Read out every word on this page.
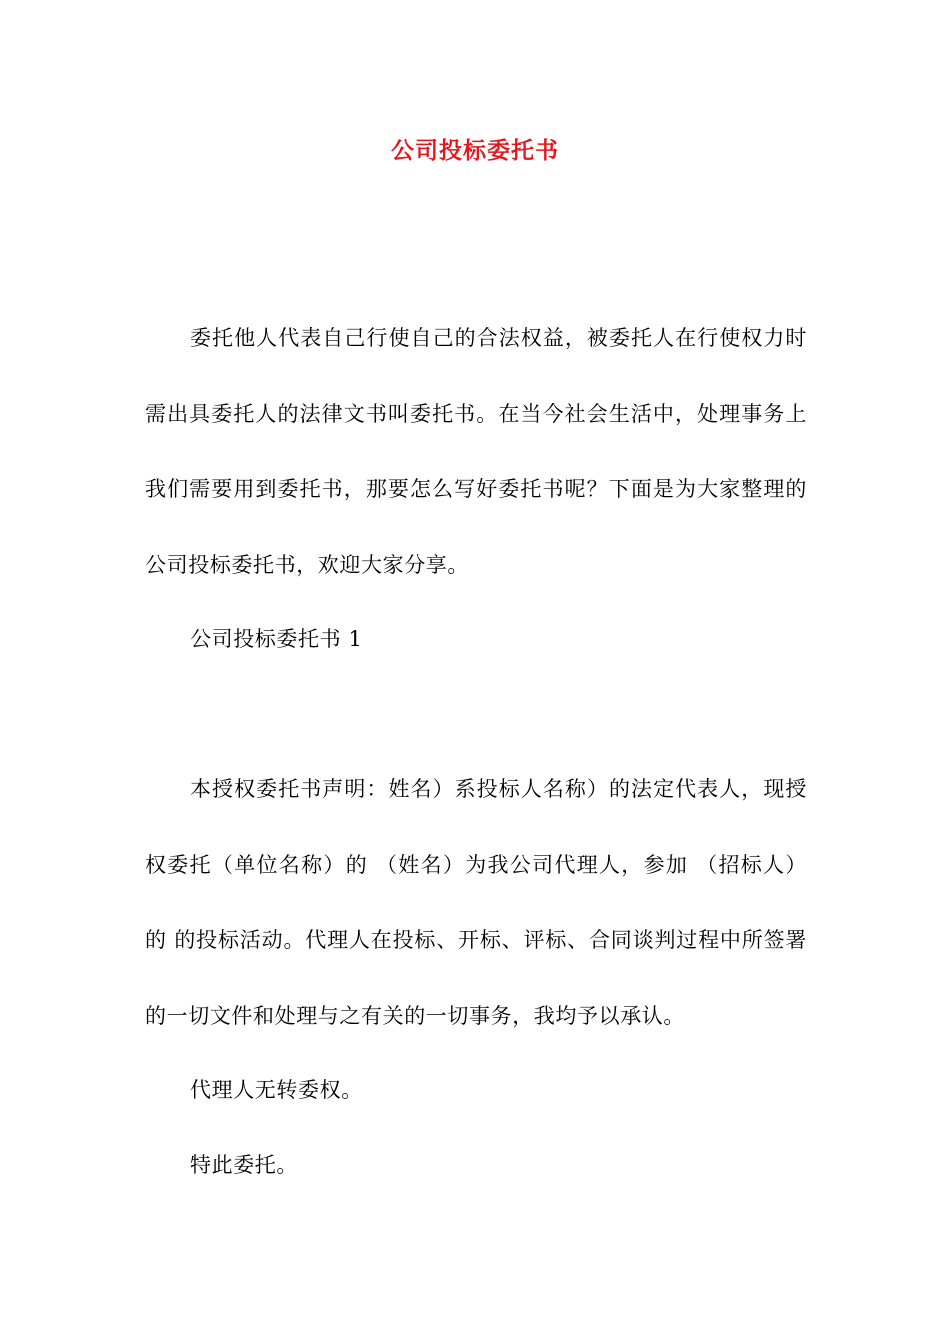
公司投标委托书

委托他人代表自己行使自己的合法权益，被委托人在行使权力时需出具委托人的法律文书叫委托书。在当今社会生活中，处理事务上我们需要用到委托书，那要怎么写好委托书呢？下面是为大家整理的公司投标委托书，欢迎大家分享。

公司投标委托书 1

本授权委托书声明：姓名）系投标人名称）的法定代表人，现授权委托（单位名称）的 （姓名）为我公司代理人，参加 （招标人）的 的投标活动。代理人在投标、开标、评标、合同谈判过程中所签署的一切文件和处理与之有关的一切事务，我均予以承认。

代理人无转委权。

特此委托。
